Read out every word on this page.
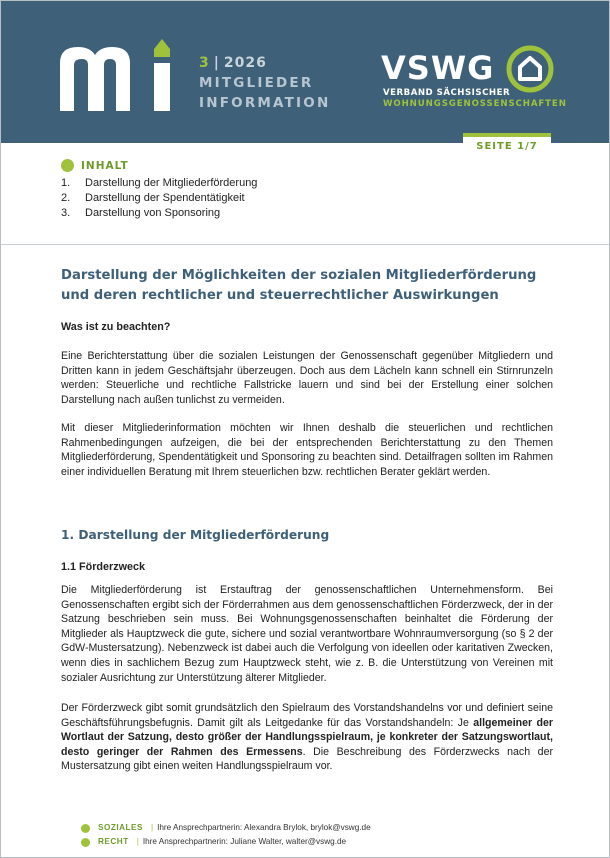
3 | 2026
MITGLIEDER
INFORMATION
VSWG
VERBAND SÄCHSISCHER
WOHNUNGSGENOSSENSCHAFTEN
SEITE 1/7
INHALT
1. Darstellung der Mitgliederförderung
2. Darstellung der Spendentätigkeit
3. Darstellung von Sponsoring
Darstellung der Möglichkeiten der sozialen Mitgliederförderung und deren rechtlicher und steuerrechtlicher Auswirkungen
Was ist zu beachten?
Eine Berichterstattung über die sozialen Leistungen der Genossenschaft gegenüber Mitgliedern und Dritten kann in jedem Geschäftsjahr überzeugen. Doch aus dem Lächeln kann schnell ein Stirnrunzeln werden: Steuerliche und rechtliche Fallstricke lauern und sind bei der Erstellung einer solchen Darstellung nach außen tunlichst zu vermeiden.
Mit dieser Mitgliederinformation möchten wir Ihnen deshalb die steuerlichen und rechtlichen Rahmenbedingungen aufzeigen, die bei der entsprechenden Berichterstattung zu den Themen Mitgliederförderung, Spendentätigkeit und Sponsoring zu beachten sind. Detailfragen sollten im Rahmen einer individuellen Beratung mit Ihrem steuerlichen bzw. rechtlichen Berater geklärt werden.
1. Darstellung der Mitgliederförderung
1.1 Förderzweck
Die Mitgliederförderung ist Erstauftrag der genossenschaftlichen Unternehmensform. Bei Genossenschaften ergibt sich der Förderrahmen aus dem genossenschaftlichen Förderzweck, der in der Satzung beschrieben sein muss. Bei Wohnungsgenossenschaften beinhaltet die Förderung der Mitglieder als Hauptzweck die gute, sichere und sozial verantwortbare Wohnraumversorgung (so § 2 der GdW-Mustersatzung). Nebenzweck ist dabei auch die Verfolgung von ideellen oder karitativen Zwecken, wenn dies in sachlichem Bezug zum Hauptzweck steht, wie z. B. die Unterstützung von Vereinen mit sozialer Ausrichtung zur Unterstützung älterer Mitglieder.
Der Förderzweck gibt somit grundsätzlich den Spielraum des Vorstandshandelns vor und definiert seine Geschäftsführungsbefugnis. Damit gilt als Leitgedanke für das Vorstandshandeln: Je allgemeiner der Wortlaut der Satzung, desto größer der Handlungsspielraum, je konkreter der Satzungswortlaut, desto geringer der Rahmen des Ermessens. Die Beschreibung des Förderzwecks nach der Mustersatzung gibt einen weiten Handlungsspielraum vor.
SOZIALES | Ihre Ansprechpartnerin: Alexandra Brylok, brylok@vswg.de
RECHT | Ihre Ansprechpartnerin: Juliane Walter, walter@vswg.de
